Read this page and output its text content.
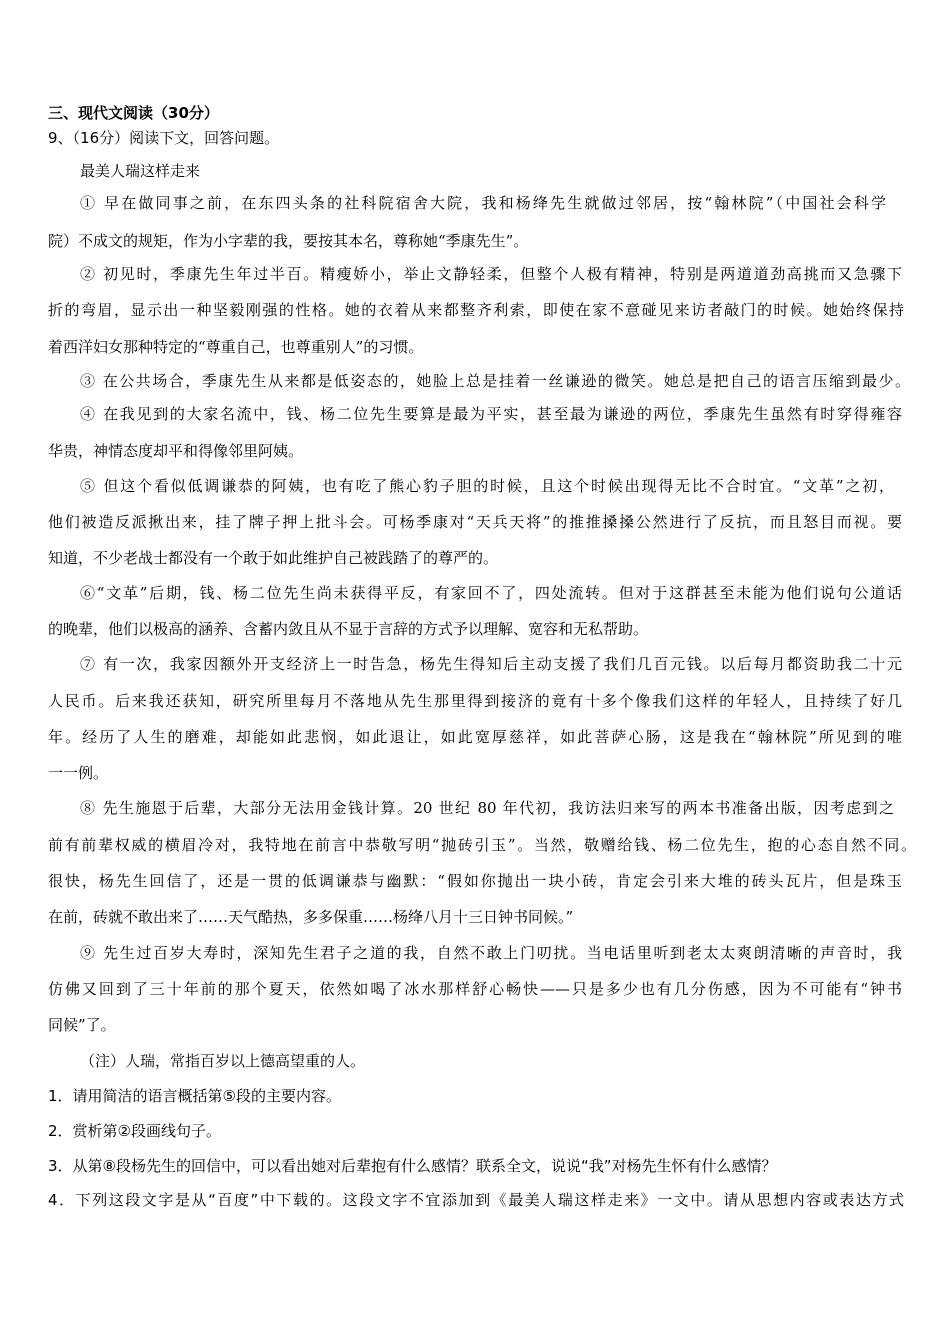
三、现代文阅读（30分）
9、（16分）阅读下文，回答问题。
最美人瑞这样走来
① 早在做同事之前，在东四头条的社科院宿舍大院，我和杨绛先生就做过邻居，按“翰林院”（中国社会科学
院）不成文的规矩，作为小字辈的我，要按其本名，尊称她“季康先生”。
② 初见时，季康先生年过半百。精瘦娇小，举止文静轻柔，但整个人极有精神，特别是两道道劲高挑而又急骤下
折的弯眉，显示出一种坚毅刚强的性格。她的衣着从来都整齐利索，即使在家不意碰见来访者敲门的时候。她始终保持
着西洋妇女那种特定的“尊重自己，也尊重别人”的习惯。
③ 在公共场合，季康先生从来都是低姿态的，她脸上总是挂着一丝谦逊的微笑。她总是把自己的语言压缩到最少。
④ 在我见到的大家名流中，钱、杨二位先生要算是最为平实，甚至最为谦逊的两位，季康先生虽然有时穿得雍容
华贵，神情态度却平和得像邻里阿姨。
⑤ 但这个看似低调谦恭的阿姨，也有吃了熊心豹子胆的时候，且这个时候出现得无比不合时宜。“文革”之初，
他们被造反派揪出来，挂了牌子押上批斗会。可杨季康对“天兵天将”的推推搡搡公然进行了反抗，而且怒目而视。要
知道，不少老战士都没有一个敢于如此维护自己被践踏了的尊严的。
⑥“文革”后期，钱、杨二位先生尚未获得平反，有家回不了，四处流转。但对于这群甚至未能为他们说句公道话
的晚辈，他们以极高的涵养、含蓄内敛且从不显于言辞的方式予以理解、宽容和无私帮助。
⑦ 有一次，我家因额外开支经济上一时告急，杨先生得知后主动支援了我们几百元钱。以后每月都资助我二十元
人民币。后来我还获知，研究所里每月不落地从先生那里得到接济的竟有十多个像我们这样的年轻人，且持续了好几
年。经历了人生的磨难，却能如此悲悯，如此退让，如此宽厚慈祥，如此菩萨心肠，这是我在“翰林院”所见到的唯
一一例。
⑧ 先生施恩于后辈，大部分无法用金钱计算。20 世纪 80 年代初，我访法归来写的两本书准备出版，因考虑到之
前有前辈权威的横眉冷对，我特地在前言中恭敬写明“抛砖引玉”。当然，敬赠给钱、杨二位先生，抱的心态自然不同。
很快，杨先生回信了，还是一贯的低调谦恭与幽默：“假如你抛出一块小砖，肯定会引来大堆的砖头瓦片，但是珠玉
在前，砖就不敢出来了……天气酷热，多多保重……杨绛八月十三日钟书同候。”
⑨ 先生过百岁大寿时，深知先生君子之道的我，自然不敢上门叨扰。当电话里听到老太太爽朗清晰的声音时，我
仿佛又回到了三十年前的那个夏天，依然如喝了冰水那样舒心畅快——只是多少也有几分伤感，因为不可能有“钟书
同候”了。
（注）人瑞，常指百岁以上德高望重的人。
1．请用简洁的语言概括第⑤段的主要内容。
2．赏析第②段画线句子。
3．从第⑧段杨先生的回信中，可以看出她对后辈抱有什么感情？联系全文，说说“我”对杨先生怀有什么感情？
4．下列这段文字是从“百度”中下载的。这段文字不宜添加到《最美人瑞这样走来》一文中。请从思想内容或表达方式
